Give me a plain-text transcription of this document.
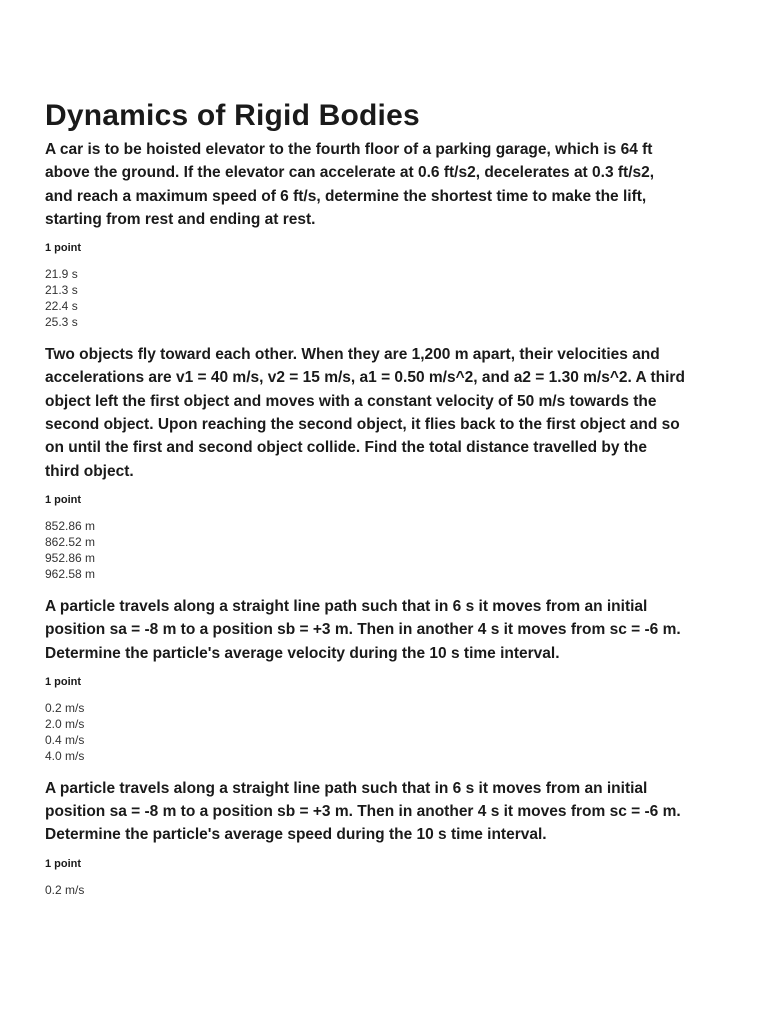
Dynamics of Rigid Bodies

A car is to be hoisted elevator to the fourth floor of a parking garage, which is 64 ft above the ground. If the elevator can accelerate at 0.6 ft/s2, decelerates at 0.3 ft/s2, and reach a maximum speed of 6 ft/s, determine the shortest time to make the lift, starting from rest and ending at rest.

1 point
21.9 s
21.3 s
22.4 s
25.3 s

Two objects fly toward each other. When they are 1,200 m apart, their velocities and accelerations are v1 = 40 m/s, v2 = 15 m/s, a1 = 0.50 m/s^2, and a2 = 1.30 m/s^2. A third object left the first object and moves with a constant velocity of 50 m/s towards the second object. Upon reaching the second object, it flies back to the first object and so on until the first and second object collide. Find the total distance travelled by the third object.

1 point
852.86 m
862.52 m
952.86 m
962.58 m

A particle travels along a straight line path such that in 6 s it moves from an initial position sa = -8 m to a position sb = +3 m. Then in another 4 s it moves from sc = -6 m. Determine the particle's average velocity during the 10 s time interval.

1 point
0.2 m/s
2.0 m/s
0.4 m/s
4.0 m/s

A particle travels along a straight line path such that in 6 s it moves from an initial position sa = -8 m to a position sb = +3 m. Then in another 4 s it moves from sc = -6 m. Determine the particle's average speed during the 10 s time interval.

1 point
0.2 m/s
